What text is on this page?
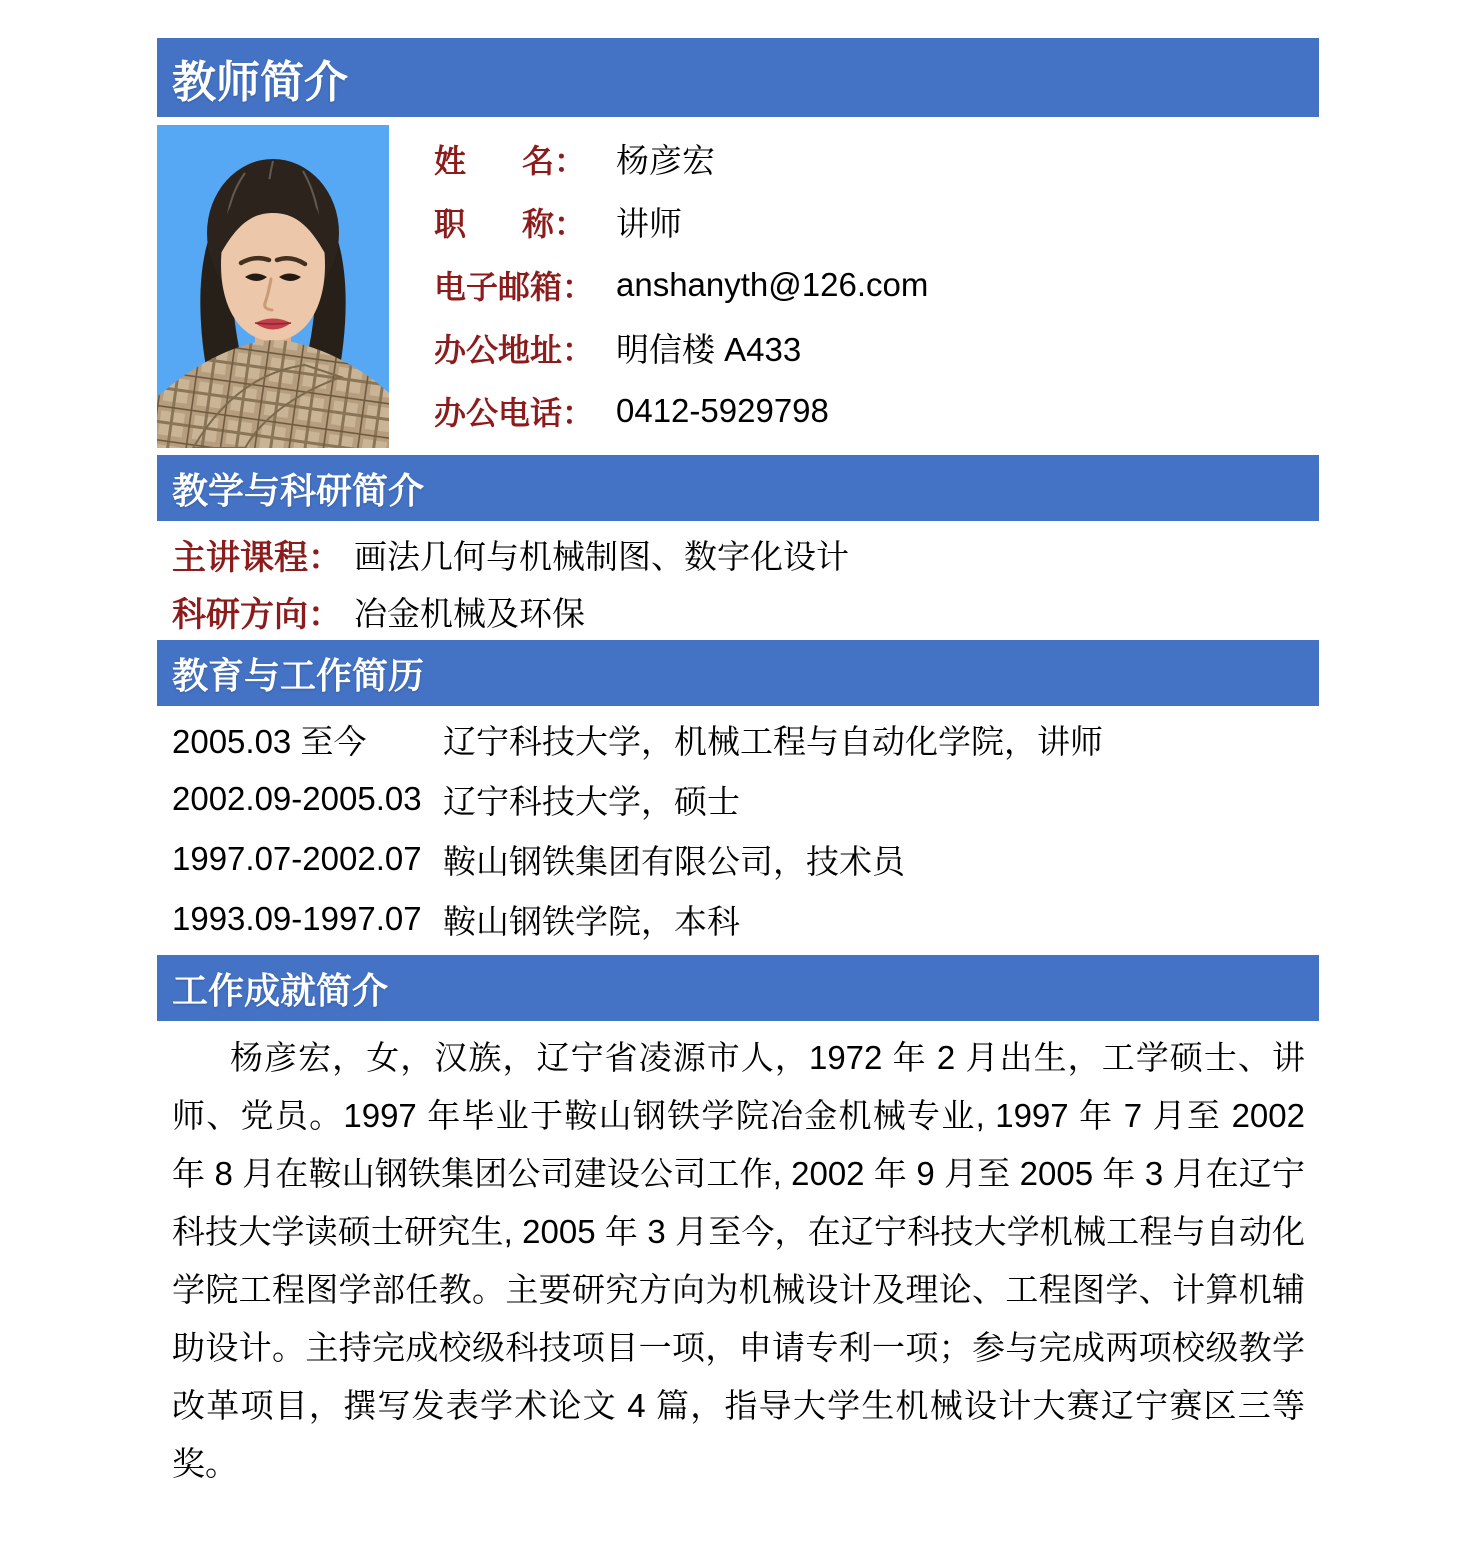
教师简介
姓 名： 杨彦宏
职 称： 讲师
电子邮箱： anshanyth@126.com
办公地址： 明信楼 A433
办公电话： 0412-5929798
教学与科研简介
主讲课程： 画法几何与机械制图、数字化设计
科研方向： 冶金机械及环保
教育与工作简历
2005.03 至今	辽宁科技大学，机械工程与自动化学院，讲师
2002.09-2005.03 辽宁科技大学，硕士
1997.07-2002.07 鞍山钢铁集团有限公司，技术员
1993.09-1997.07 鞍山钢铁学院，本科
工作成就简介

杨彦宏，女，汉族，辽宁省凌源市人，1972 年 2 月出生，工学硕士、讲师、党员。1997 年毕业于鞍山钢铁学院冶金机械专业, 1997 年 7 月至 2002 年 8 月在鞍山钢铁集团公司建设公司工作, 2002 年 9 月至 2005 年 3 月在辽宁科技大学读硕士研究生, 2005 年 3 月至今，在辽宁科技大学机械工程与自动化学院工程图学部任教。主要研究方向为机械设计及理论、工程图学、计算机辅助设计。主持完成校级科技项目一项，申请专利一项；参与完成两项校级教学改革项目，撰写发表学术论文 4 篇，指导大学生机械设计大赛辽宁赛区三等奖。
